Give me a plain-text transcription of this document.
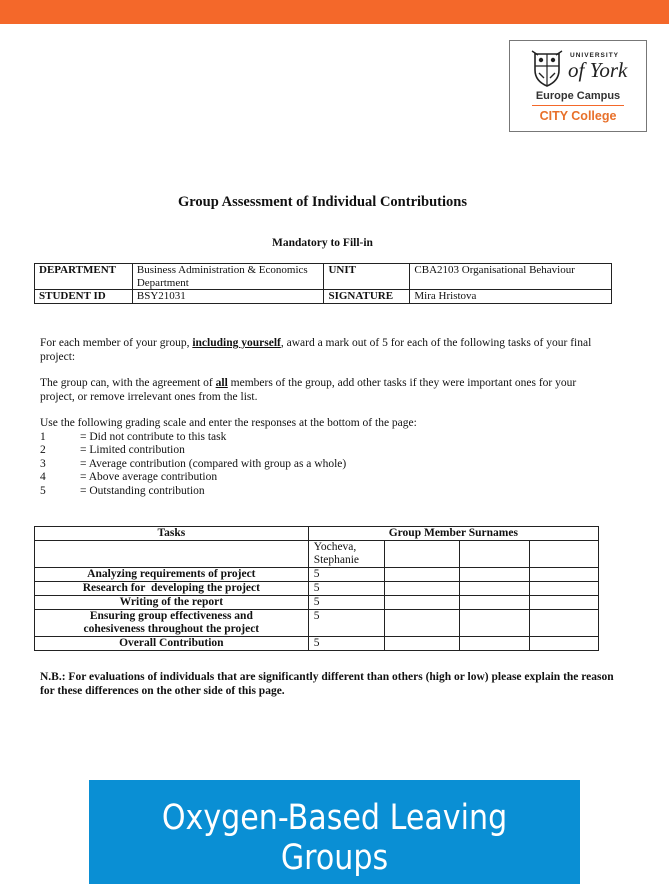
UNIVERSITY
of York
Europe Campus
CITY College
Group Assessment of Individual Contributions
Mandatory to Fill-in
DEPARTMENT	Business Administration & Economics Department	UNIT	CBA2103 Organisational Behaviour
STUDENT ID	BSY21031	SIGNATURE	Mira Hristova
For each member of your group, including yourself, award a mark out of 5 for each of the following tasks of your final project:
The group can, with the agreement of all members of the group, add other tasks if they were important ones for your project, or remove irrelevant ones from the list.
Use the following grading scale and enter the responses at the bottom of the page:
1	= Did not contribute to this task
2	= Limited contribution
3	= Average contribution (compared with group as a whole)
4	= Above average contribution
5	= Outstanding contribution
Tasks	Group Member Surnames			
	Yocheva, Stephanie			
Analyzing requirements of project	5			
Research for  developing the project	5			
Writing of the report	5			
Ensuring group effectiveness and cohesiveness throughout the project	5			
Overall Contribution	5			
N.B.: For evaluations of individuals that are significantly different than others (high or low) please explain the reason for these differences on the other side of this page.
Oxygen-Based Leaving Groups
